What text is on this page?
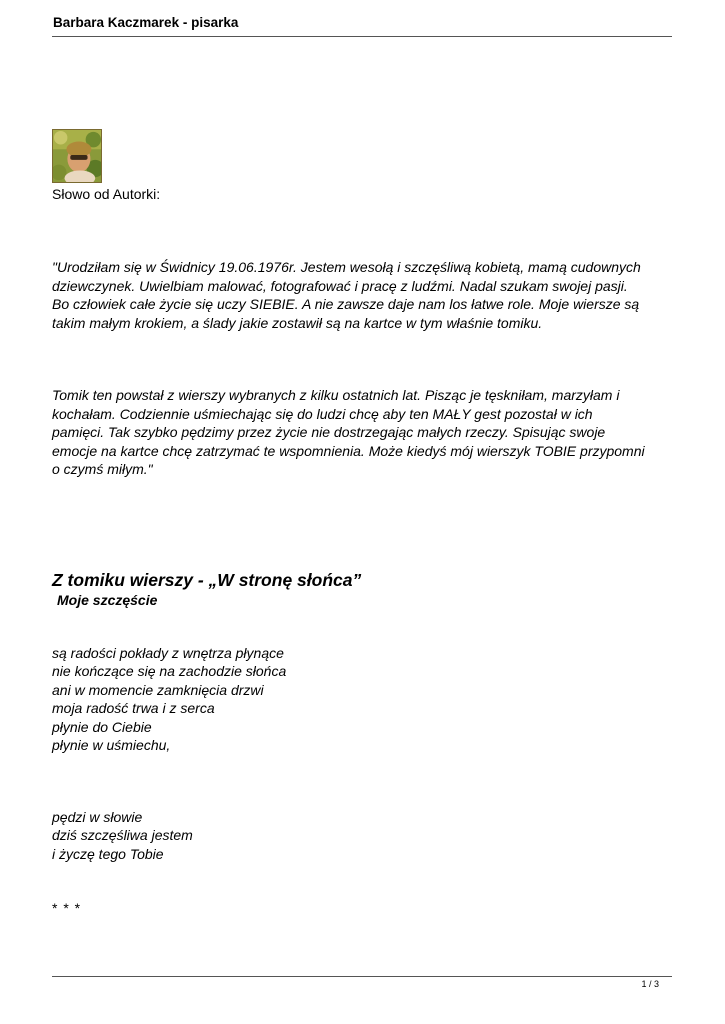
Barbara Kaczmarek - pisarka
Słowo od Autorki:
"Urodziłam się w Świdnicy 19.06.1976r. Jestem wesołą i szczęśliwą kobietą, mamą cudownych
dziewczynek. Uwielbiam malować, fotografować i pracę z ludźmi. Nadal szukam swojej pasji.
Bo człowiek całe życie się uczy SIEBIE. A nie zawsze daje nam los łatwe role. Moje wiersze są
takim małym krokiem, a ślady jakie zostawił są na kartce w tym właśnie tomiku.
Tomik ten powstał z wierszy wybranych z kilku ostatnich lat. Pisząc je tęskniłam, marzyłam i
kochałam. Codziennie uśmiechając się do ludzi chcę aby ten MAŁY gest pozostał w ich
pamięci. Tak szybko pędzimy przez życie nie dostrzegając małych rzeczy. Spisując swoje
emocje na kartce chcę zatrzymać te wspomnienia. Może kiedyś mój wierszyk TOBIE przypomni
o czymś miłym."
Z tomiku wierszy - „W stronę słońca”
Moje szczęście
są radości pokłady z wnętrza płynące
nie kończące się na zachodzie słońca
ani w momencie zamknięcia drzwi
moja radość trwa i z serca
płynie do Ciebie
płynie w uśmiechu,
pędzi w słowie
dziś szczęśliwa jestem
i życzę tego Tobie
* * *
1 / 3
